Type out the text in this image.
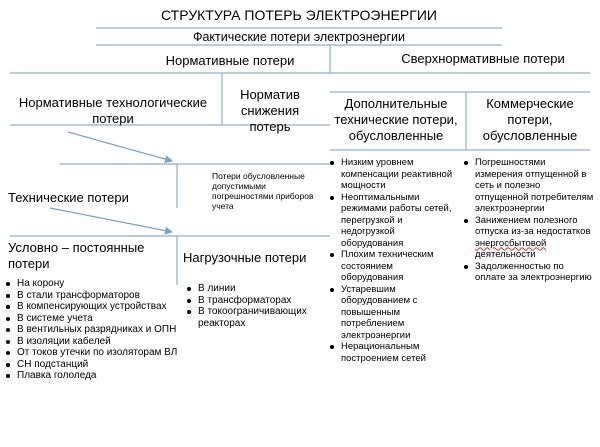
СТРУКТУРА ПОТЕРЬ ЭЛЕКТРОЭНЕРГИИ
Фактические потери электроэнергии
Нормативные потери	Сверхнормативные потери
Нормативные технологические потери
Норматив снижения потерь
Дополнительные технические потери, обусловленные
Коммерческие потери, обусловленные
Потери обусловленные допустимыми погрешностями приборов учета
Технические потери
Условно – постоянные потери	Нагрузочные потери
На корону
В стали трансформаторов
В компенсирующих устройствах
В системе учета
В вентильных разрядниках и ОПН
В изоляции кабелей
От токов утечки по изоляторам ВЛ
СН подстанций
Плавка гололеда
В линии
В трансформаторах
В токоограничивающих реакторах
Низким уровнем компенсации реактивной мощности
Неоптимальными режимами работы сетей, перегрузкой и недогрузкой оборудования
Плохим техническим состоянием оборудования
Устаревшим оборудованием с повышенным потреблением электроэнергии
Нерациональным построением сетей
Погрешностями измерения отпущенной в сеть и полезно отпущенной потребителям электроэнергии
Занижением полезного отпуска из-за недостатков энергосбытовой деятельности
Задолженностью по оплате за электроэнергию
